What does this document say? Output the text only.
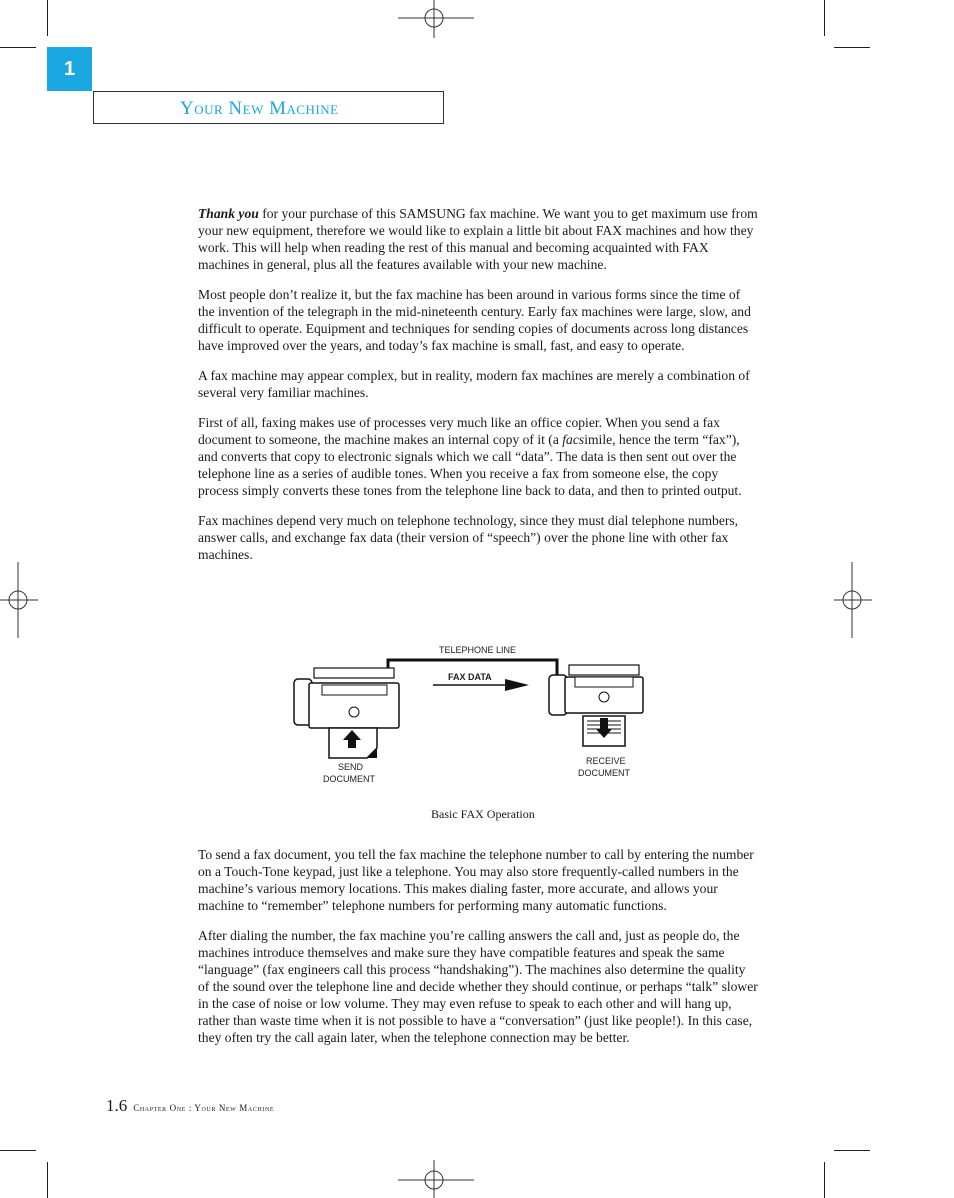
1
Your New Machine

Thank you for your purchase of this SAMSUNG fax machine. We want you to get maximum use from your new equipment, therefore we would like to explain a little bit about FAX machines and how they work. This will help when reading the rest of this manual and becoming acquainted with FAX machines in general, plus all the features available with your new machine.

Most people don’t realize it, but the fax machine has been around in various forms since the time of the invention of the telegraph in the mid-nineteenth century. Early fax machines were large, slow, and difficult to operate. Equipment and techniques for sending copies of documents across long distances have improved over the years, and today’s fax machine is small, fast, and easy to operate.

A fax machine may appear complex, but in reality, modern fax machines are merely a combination of several very familiar machines.

First of all, faxing makes use of processes very much like an office copier. When you send a fax document to someone, the machine makes an internal copy of it (a facsimile, hence the term “fax”), and converts that copy to electronic signals which we call “data”. The data is then sent out over the telephone line as a series of audible tones. When you receive a fax from someone else, the copy process simply converts these tones from the telephone line back to data, and then to printed output.

Fax machines depend very much on telephone technology, since they must dial telephone numbers, answer calls, and exchange fax data (their version of “speech”) over the phone line with other fax machines.

TELEPHONE LINE
FAX DATA
SEND
DOCUMENT
RECEIVE
DOCUMENT
Basic FAX Operation

To send a fax document, you tell the fax machine the telephone number to call by entering the number on a Touch-Tone keypad, just like a telephone. You may also store frequently-called numbers in the machine’s various memory locations. This makes dialing faster, more accurate, and allows your machine to “remember” telephone numbers for performing many automatic functions.

After dialing the number, the fax machine you’re calling answers the call and, just as people do, the machines introduce themselves and make sure they have compatible features and speak the same “language” (fax engineers call this process “handshaking”). The machines also determine the quality of the sound over the telephone line and decide whether they should continue, or perhaps “talk” slower in the case of noise or low volume. They may even refuse to speak to each other and will hang up, rather than waste time when it is not possible to have a “conversation” (just like people!). In this case, they often try the call again later, when the telephone connection may be better.

1.6 Chapter One : Your New Machine
